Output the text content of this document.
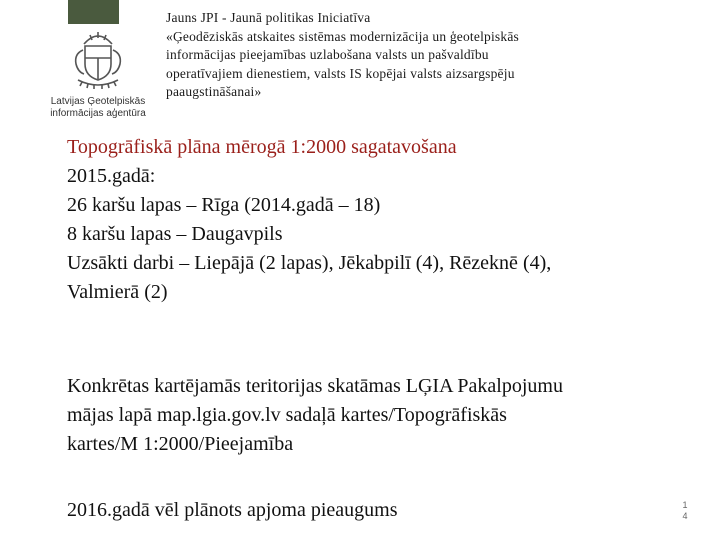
Latvijas Ģeotelpiskās
informācijas aģentūra
Jauns JPI - Jaunā politikas Iniciatīva
«Ģeodēziskās atskaites sistēmas modernizācija un ģeotelpiskās
informācijas pieejamības uzlabošana valsts un pašvaldību
operatīvajiem dienestiem, valsts IS kopējai valsts aizsargspēju
paaugstināšanai»
Topogrāfiskā plāna mērogā 1:2000 sagatavošana
2015.gadā:
26 karšu lapas – Rīga (2014.gadā – 18)
8 karšu lapas – Daugavpils
Uzsākti darbi – Liepājā (2 lapas), Jēkabpilī (4), Rēzeknē (4),
Valmierā (2)
Konkrētas kartējamās teritorijas skatāmas LĢIA Pakalpojumu
mājas lapā map.lgia.gov.lv sadaļā kartes/Topogrāfiskās
kartes/M 1:2000/Pieejamība
2016.gadā vēl plānots apjoma pieaugums	1
4
